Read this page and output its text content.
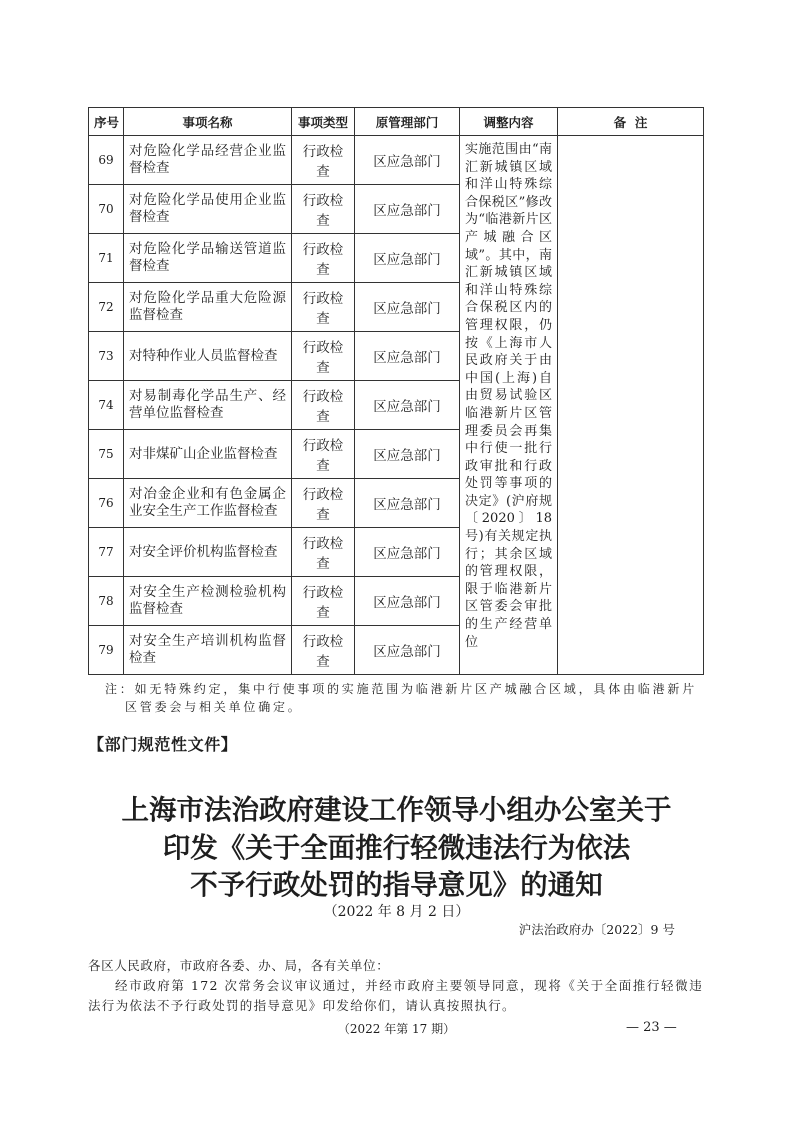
序号	事项名称	事项类型	原管理部门	调整内容	备  注
69	对危险化学品经营企业监督检查	行政检查	区应急部门	实施范围由“南汇新城镇区域和洋山特殊综合保税区”修改为“临港新片区产城融合区域”。其中，南汇新城镇区域和洋山特殊综合保税区内的管理权限，仍按《上海市人民政府关于由中国(上海)自由贸易试验区临港新片区管理委员会再集中行使一批行政审批和行政处罚等事项的决定》(沪府规〔2020〕18号)有关规定执行；其余区域的管理权限，限于临港新片区管委会审批的生产经营单位	
70	对危险化学品使用企业监督检查	行政检查	区应急部门		
71	对危险化学品输送管道监督检查	行政检查	区应急部门		
72	对危险化学品重大危险源监督检查	行政检查	区应急部门		
73	对特种作业人员监督检查	行政检查	区应急部门		
74	对易制毒化学品生产、经营单位监督检查	行政检查	区应急部门		
75	对非煤矿山企业监督检查	行政检查	区应急部门		
76	对冶金企业和有色金属企业安全生产工作监督检查	行政检查	区应急部门		
77	对安全评价机构监督检查	行政检查	区应急部门		
78	对安全生产检测检验机构监督检查	行政检查	区应急部门		
79	对安全生产培训机构监督检查	行政检查	区应急部门		
注：如无特殊约定，集中行使事项的实施范围为临港新片区产城融合区域，具体由临港新片区管委会与相关单位确定。
【部门规范性文件】
上海市法治政府建设工作领导小组办公室关于
印发《关于全面推行轻微违法行为依法
不予行政处罚的指导意见》的通知
（2022 年 8 月 2 日）
沪法治政府办〔2022〕9 号
各区人民政府，市政府各委、办、局，各有关单位：
经市政府第 172 次常务会议审议通过，并经市政府主要领导同意，现将《关于全面推行轻微违法行为依法不予行政处罚的指导意见》印发给你们，请认真按照执行。
（2022 年第 17 期）	— 23 —
